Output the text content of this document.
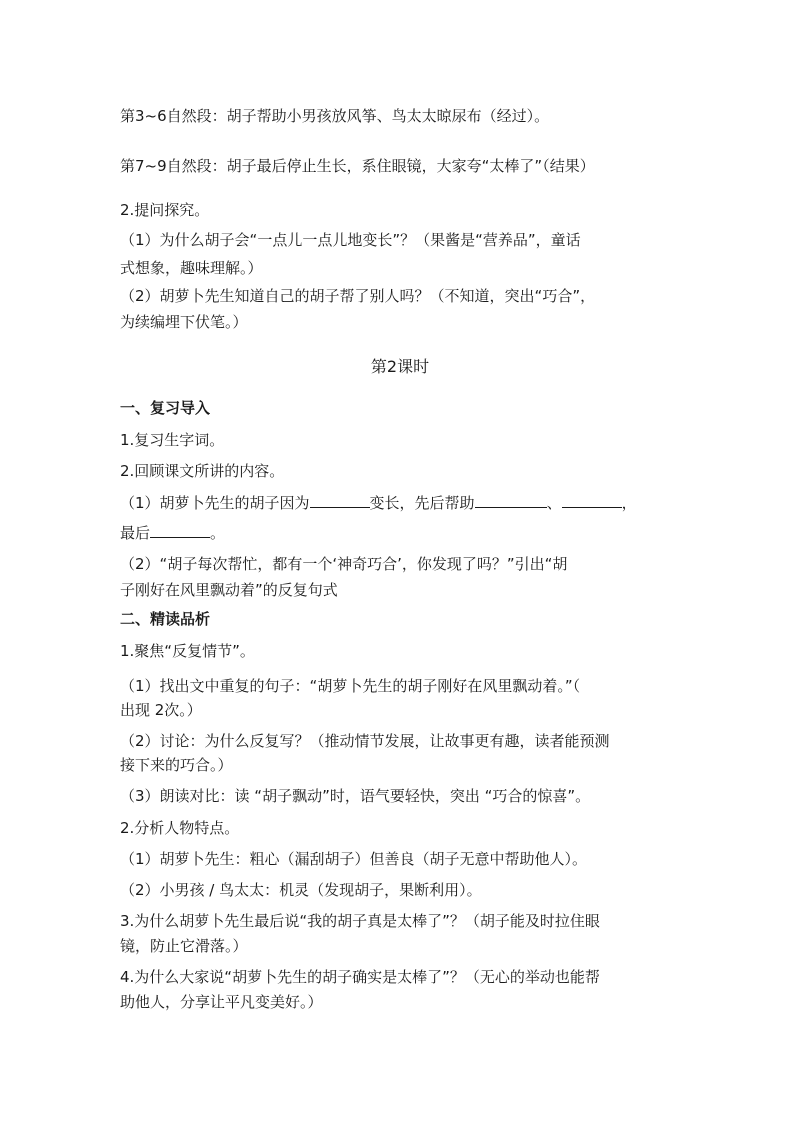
第3~6自然段：胡子帮助小男孩放风筝、鸟太太晾尿布（经过）。
第7~9自然段：胡子最后停止生长，系住眼镜，大家夸“太棒了”（结果）
2.提问探究。
（1）为什么胡子会“一点儿一点儿地变长”？（果酱是“营养品”，童话
式想象，趣味理解。）
（2）胡萝卜先生知道自己的胡子帮了别人吗？（不知道，突出“巧合”，
为续编埋下伏笔。）
第2课时
一、复习导入
1.复习生字词。
2.回顾课文所讲的内容。
（1）胡萝卜先生的胡子因为	变长，先后帮助	、	，
最后	。
（2）“胡子每次帮忙，都有一个‘神奇巧合’，你发现了吗？”引出“胡
子刚好在风里飘动着”的反复句式
二、精读品析
1.聚焦“反复情节”。
（1）找出文中重复的句子：“胡萝卜先生的胡子刚好在风里飘动着。”（
出现 2次。）
（2）讨论：为什么反复写？（推动情节发展，让故事更有趣，读者能预测
接下来的巧合。）
（3）朗读对比：读 “胡子飘动”时，语气要轻快，突出 “巧合的惊喜”。
2.分析人物特点。
（1）胡萝卜先生：粗心（漏刮胡子）但善良（胡子无意中帮助他人）。
（2）小男孩 / 鸟太太：机灵（发现胡子，果断利用）。
3.为什么胡萝卜先生最后说“我的胡子真是太棒了”？（胡子能及时拉住眼
镜，防止它滑落。）
4.为什么大家说“胡萝卜先生的胡子确实是太棒了”？（无心的举动也能帮
助他人，分享让平凡变美好。）
